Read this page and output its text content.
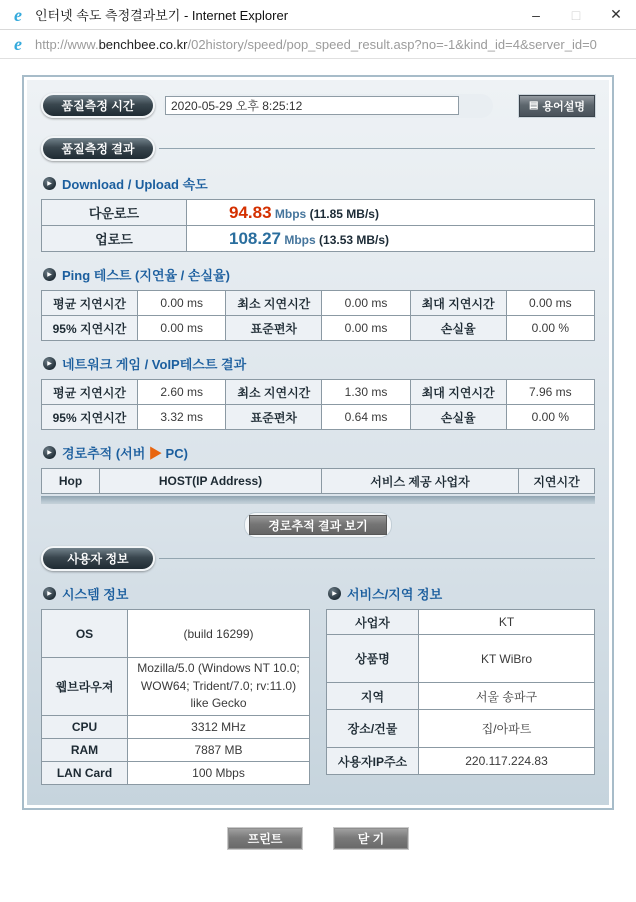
e	인터넷 속도 측정결과보기 - Internet Explorer	–	□	✕
e	http://www.benchbee.co.kr/02history/speed/pop_speed_result.asp?no=-1&kind_id=4&server_id=0
품질측정 시간
2020-05-29 오후 8:25:12	▤ 용어설명
품질측정 결과
▶ Download / Upload 속도
다운로드	94.83 Mbps (11.85 MB/s)
업로드	108.27 Mbps (13.53 MB/s)
▶ Ping 테스트 (지연율 / 손실율)
평균 지연시간	0.00 ms	최소 지연시간	0.00 ms	최대 지연시간	0.00 ms
95% 지연시간	0.00 ms	표준편차	0.00 ms	손실율	0.00 %
▶ 네트워크 게임 / VoIP테스트 결과
평균 지연시간	2.60 ms	최소 지연시간	1.30 ms	최대 지연시간	7.96 ms
95% 지연시간	3.32 ms	표준편차	0.64 ms	손실율	0.00 %
▶ 경로추적 (서버 ▶ PC)
Hop	HOST(IP Address)	서비스 제공 사업자	지연시간
경로추적 결과 보기
사용자 정보
▶ 시스템 정보
OS	(build 16299)
웹브라우져	Mozilla/5.0 (Windows NT 10.0; WOW64; Trident/7.0; rv:11.0) like Gecko
CPU	3312 MHz
RAM	7887 MB
LAN Card	100 Mbps
▶ 서비스/지역 정보
사업자	KT
상품명	KT WiBro
지역	서울 송파구
장소/건물	집/아파트
사용자IP주소	220.117.224.83
프린트	닫 기
